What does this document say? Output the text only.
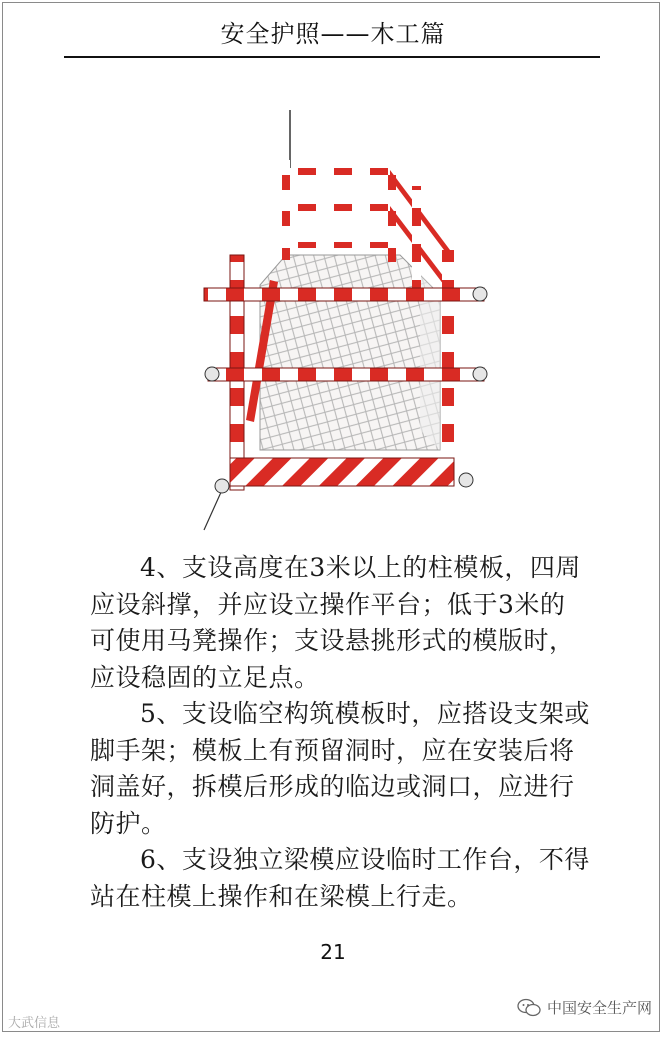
安全护照——木工篇

4、支设高度在3米以上的柱模板，四周应设斜撑，并应设立操作平台；低于3米的可使用马凳操作；支设悬挑形式的模版时，应设稳固的立足点。

5、支设临空构筑模板时，应搭设支架或脚手架；模板上有预留洞时，应在安装后将洞盖好，拆模后形成的临边或洞口，应进行防护。

6、支设独立梁模应设临时工作台，不得站在柱模上操作和在梁模上行走。

21
大武信息
中国安全生产网
